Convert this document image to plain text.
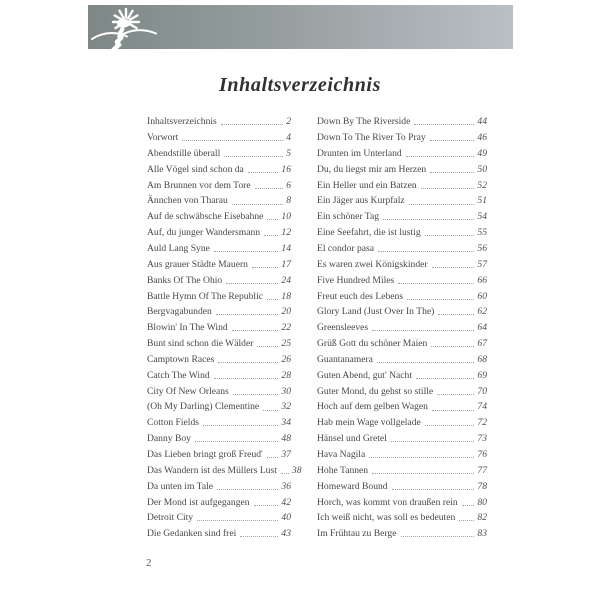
Inhaltsverzeichnis
Inhaltsverzeichnis	2
Vorwort	4
Abendstille überall	5
Alle Vögel sind schon da	16
Am Brunnen vor dem Tore	6
Ännchen von Tharau	8
Auf de schwäbsche Eisebahne 10
Auf, du junger Wandersmann 12
Auld Lang Syne	14
Aus grauer Städte Mauern	17
Banks Of The Ohio	24
Battle Hymn Of The Republic 18
Bergvagabunden	20
Blowin' In The Wind	22
Bunt sind schon die Wälder	25
Camptown Races	26
Catch The Wind	28
City Of New Orleans	30
(Oh My Darling) Clementine 32
Cotton Fields	34
Danny Boy	48
Das Lieben bringt groß Freud' 37
Das Wandern ist des Müllers Lust 38
Da unten im Tale	36
Der Mond ist aufgegangen	42
Detroit City	40
Die Gedanken sind frei	43
Down By The Riverside	44
Down To The River To Pray	46
Drunten im Unterland	49
Du, du liegst mir am Herzen	50
Ein Heller und ein Batzen	52
Ein Jäger aus Kurpfalz	51
Ein schöner Tag	54
Eine Seefahrt, die ist lustig	55
El condor pasa	56
Es waren zwei Königskinder	57
Five Hundred Miles	66
Freut euch des Lebens	60
Glory Land (Just Over In The)	62
Greensleeves	64
Grüß Gott du schöner Maien	67
Guantanamera	68
Guten Abend, gut' Nacht	69
Guter Mond, du gehst so stille	70
Hoch auf dem gelben Wagen	74
Hab mein Wage vollgelade	72
Hänsel und Gretel	73
Hava Nagila	76
Hohe Tannen	77
Homeward Bound	78
Horch, was kommt von draußen rein 80
Ich weiß nicht, was soll es bedeuten 82
Im Frühtau zu Berge	83
2
